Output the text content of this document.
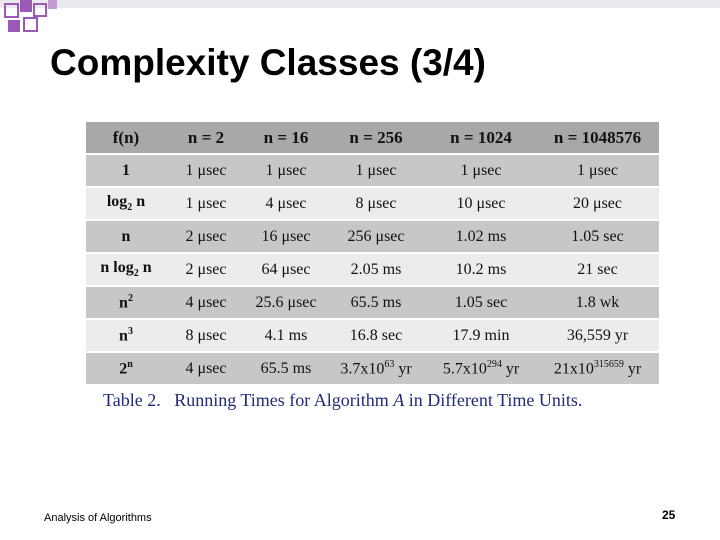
Complexity Classes (3/4)
f(n)	n = 2	n = 16	n = 256	n = 1024	n = 1048576
1	1 μsec	1 μsec	1 μsec	1 μsec	1 μsec
$\log_2 n$	1 μsec	4 μsec	8 μsec	10 μsec	20 μsec
n	2 μsec	16 μsec	256 μsec	1.02 ms	1.05 sec
n $\log_2 n$	2 μsec	64 μsec	2.05 ms	10.2 ms	21 sec
$n^2$	4 μsec	25.6 μsec	65.5 ms	1.05 sec	1.8 wk
$n^3$	8 μsec	4.1 ms	16.8 sec	17.9 min	36,559 yr
2$^n$	4 μsec	65.5 ms	$3.7x10^{63}$ yr	$5.7x10^{294}$ yr	$21x10^{315659}$ yr
Table 2.   Running Times for Algorithm A in Different Time Units.
Analysis of Algorithms	25
